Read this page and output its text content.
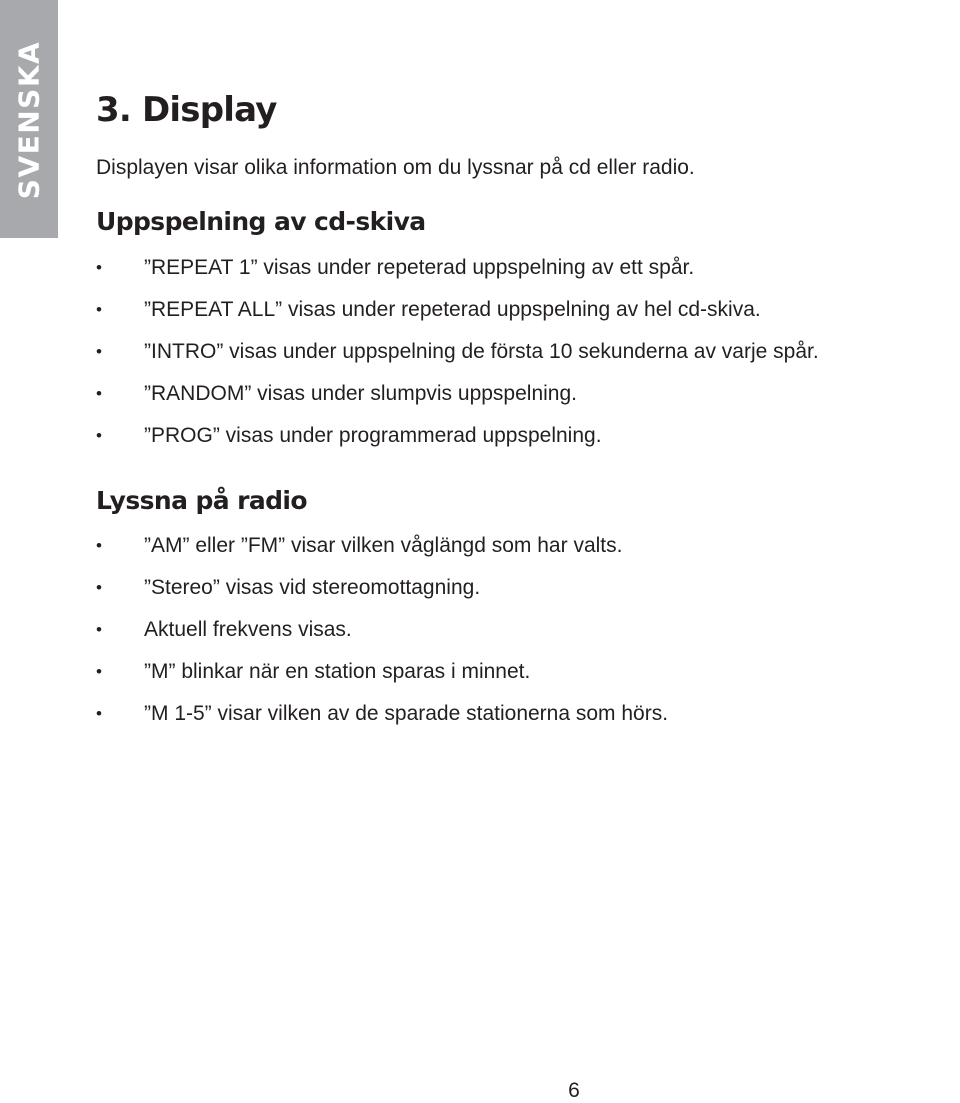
SVENSKA 3. Display

Displayen visar olika information om du lyssnar på cd eller radio.

Uppspelning av cd-skiva
• ”REPEAT 1” visas under repeterad uppspelning av ett spår.
• ”REPEAT ALL” visas under repeterad uppspelning av hel cd-skiva.
• ”INTRO” visas under uppspelning de första 10 sekunderna av varje spår.
• ”RANDOM” visas under slumpvis uppspelning.
• ”PROG” visas under programmerad uppspelning.
Lyssna på radio
• ”AM” eller ”FM” visar vilken våglängd som har valts.
• ”Stereo” visas vid stereomottagning.
• Aktuell frekvens visas.
• ”M” blinkar när en station sparas i minnet.
• ”M 1-5” visar vilken av de sparade stationerna som hörs.
6
